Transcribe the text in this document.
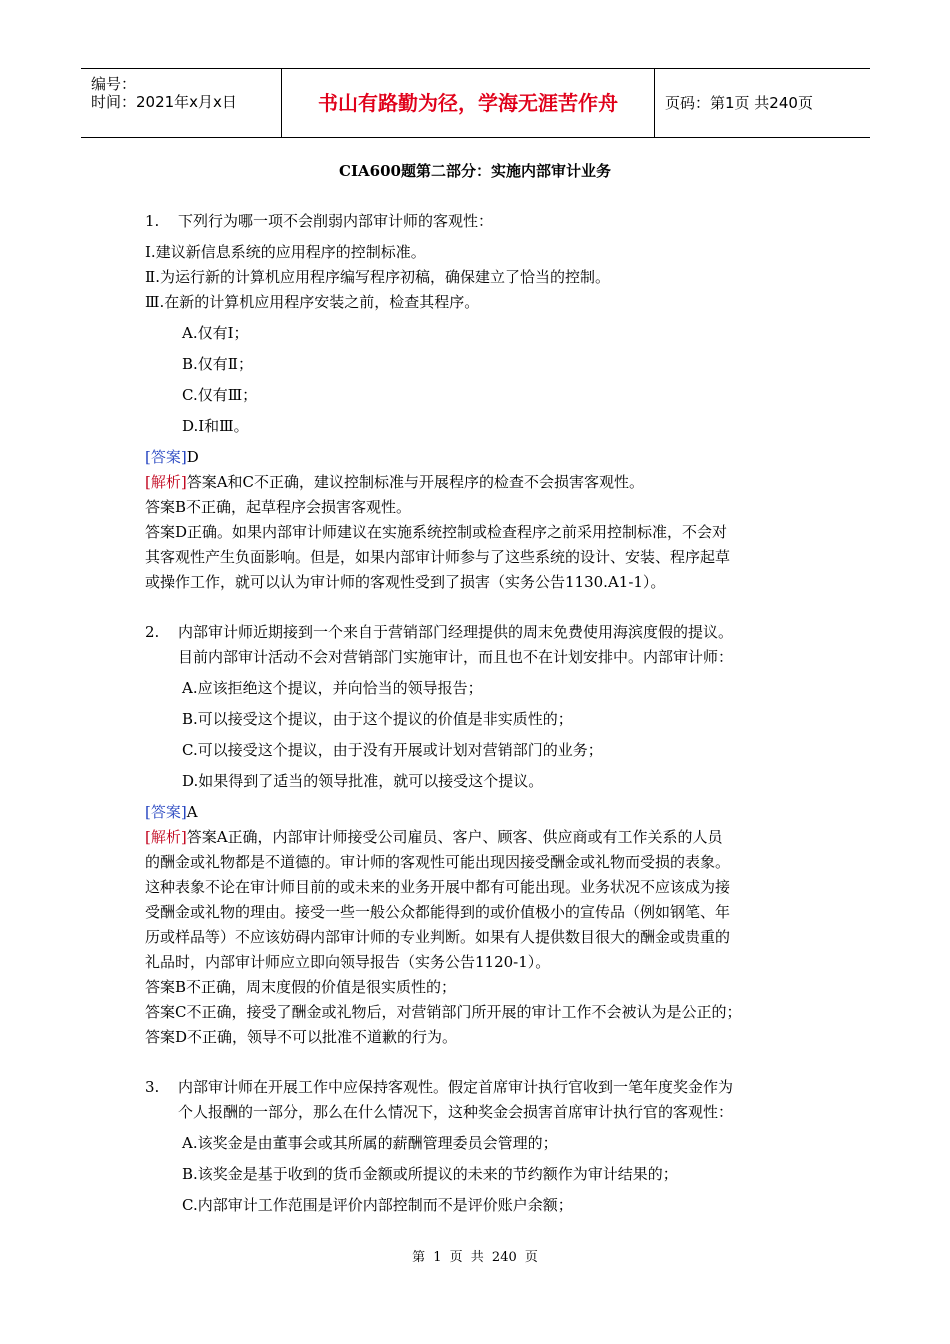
编号：
时间：2021年x月x日	书山有路勤为径，学海无涯苦作舟	页码：第1页 共240页
CIA600题第二部分：实施内部审计业务
1. 下列行为哪一项不会削弱内部审计师的客观性：
Ⅰ.建议新信息系统的应用程序的控制标准。
Ⅱ.为运行新的计算机应用程序编写程序初稿，确保建立了恰当的控制。
Ⅲ.在新的计算机应用程序安装之前，检查其程序。
A.仅有Ⅰ；
B.仅有Ⅱ；
C.仅有Ⅲ；
D.Ⅰ和Ⅲ。
[答案]D
[解析]答案A和C不正确，建议控制标准与开展程序的检查不会损害客观性。
答案B不正确，起草程序会损害客观性。
答案D正确。如果内部审计师建议在实施系统控制或检查程序之前采用控制标准，不会对
其客观性产生负面影响。但是，如果内部审计师参与了这些系统的设计、安装、程序起草
或操作工作，就可以认为审计师的客观性受到了损害（实务公告1130.A1-1）。
2. 内部审计师近期接到一个来自于营销部门经理提供的周末免费使用海滨度假的提议。
目前内部审计活动不会对营销部门实施审计，而且也不在计划安排中。内部审计师：
A.应该拒绝这个提议，并向恰当的领导报告；
B.可以接受这个提议，由于这个提议的价值是非实质性的；
C.可以接受这个提议，由于没有开展或计划对营销部门的业务；
D.如果得到了适当的领导批准，就可以接受这个提议。
[答案]A
[解析]答案A正确，内部审计师接受公司雇员、客户、顾客、供应商或有工作关系的人员
的酬金或礼物都是不道德的。审计师的客观性可能出现因接受酬金或礼物而受损的表象。
这种表象不论在审计师目前的或未来的业务开展中都有可能出现。业务状况不应该成为接
受酬金或礼物的理由。接受一些一般公众都能得到的或价值极小的宣传品（例如钢笔、年
历或样品等）不应该妨碍内部审计师的专业判断。如果有人提供数目很大的酬金或贵重的
礼品时，内部审计师应立即向领导报告（实务公告1120-1）。
答案B不正确，周末度假的价值是很实质性的；
答案C不正确，接受了酬金或礼物后，对营销部门所开展的审计工作不会被认为是公正的；
答案D不正确，领导不可以批准不道歉的行为。
3. 内部审计师在开展工作中应保持客观性。假定首席审计执行官收到一笔年度奖金作为
个人报酬的一部分，那么在什么情况下，这种奖金会损害首席审计执行官的客观性：
A.该奖金是由董事会或其所属的薪酬管理委员会管理的；
B.该奖金是基于收到的货币金额或所提议的未来的节约额作为审计结果的；
C.内部审计工作范围是评价内部控制而不是评价账户余额；
第 1 页 共 240 页
